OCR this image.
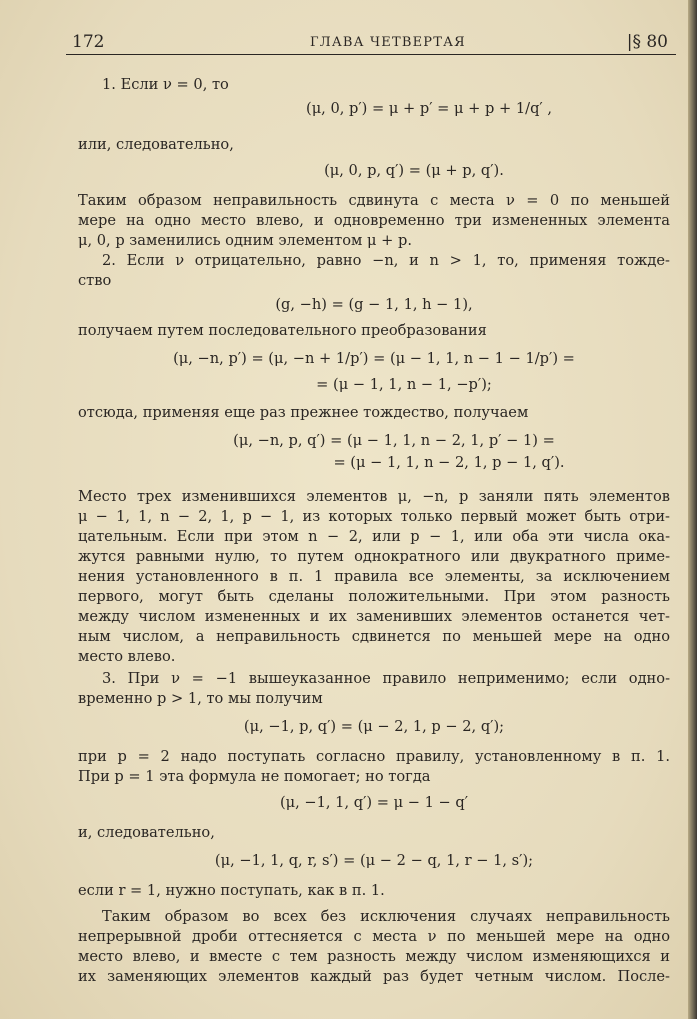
172	ГЛАВА ЧЕТВЕРТАЯ	|§ 80
1. Если ν = 0, то
(μ, 0, p′) = μ + p′ = μ + p + 1/q′ ,
или, следовательно,
(μ, 0, p, q′) = (μ + p, q′).
Таким образом неправильность сдвинута с места ν = 0 по меньшей
мере на одно место влево, и одновременно три измененных элемента
μ, 0, p заменились одним элементом μ + p.
2. Если ν отрицательно, равно −n, и n > 1, то, применяя тожде-
ство
(g, −h) = (g − 1, 1, h − 1),
получаем путем последовательного преобразования
(μ, −n, p′) = (μ, −n + 1/p′) = (μ − 1, 1, n − 1 − 1/p′) =
= (μ − 1, 1, n − 1, −p′);
отсюда, применяя еще раз прежнее тождество, получаем
(μ, −n, p, q′) = (μ − 1, 1, n − 2, 1, p′ − 1) =
= (μ − 1, 1, n − 2, 1, p − 1, q′).
Место трех изменившихся элементов μ, −n, p заняли пять элементов
μ − 1, 1, n − 2, 1, p − 1, из которых только первый может быть отри-
цательным. Если при этом n − 2, или p − 1, или оба эти числа ока-
жутся равными нулю, то путем однократного или двукратного приме-
нения установленного в п. 1 правила все элементы, за исключением
первого, могут быть сделаны положительными. При этом разность
между числом измененных и их заменивших элементов останется чет-
ным числом, а неправильность сдвинется по меньшей мере на одно
место влево.
3. При ν = −1 вышеуказанное правило неприменимо; если одно-
временно p > 1, то мы получим
(μ, −1, p, q′) = (μ − 2, 1, p − 2, q′);
при p = 2 надо поступать согласно правилу, установленному в п. 1.
При p = 1 эта формула не помогает; но тогда
(μ, −1, 1, q′) = μ − 1 − q′
и, следовательно,
(μ, −1, 1, q, r, s′) = (μ − 2 − q, 1, r − 1, s′);
если r = 1, нужно поступать, как в п. 1.
Таким образом во всех без исключения случаях неправильность
непрерывной дроби оттесняется с места ν по меньшей мере на одно
место влево, и вместе с тем разность между числом изменяющихся и
их заменяющих элементов каждый раз будет четным числом. После-
